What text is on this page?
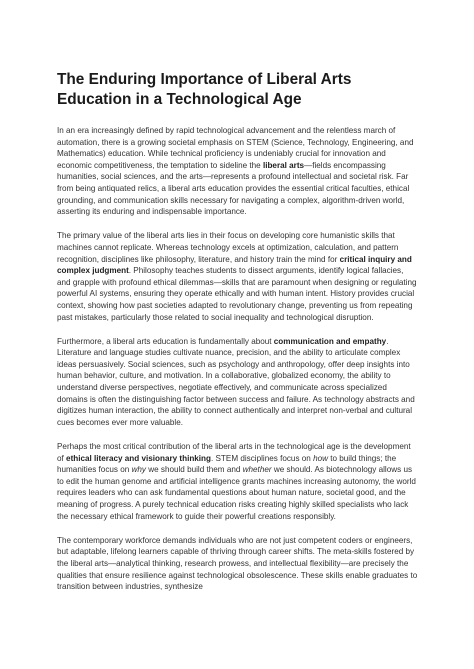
The Enduring Importance of Liberal Arts Education in a Technological Age

In an era increasingly defined by rapid technological advancement and the relentless march of automation, there is a growing societal emphasis on STEM (Science, Technology, Engineering, and Mathematics) education. While technical proficiency is undeniably crucial for innovation and economic competitiveness, the temptation to sideline the liberal arts—fields encompassing humanities, social sciences, and the arts—represents a profound intellectual and societal risk. Far from being antiquated relics, a liberal arts education provides the essential critical faculties, ethical grounding, and communication skills necessary for navigating a complex, algorithm-driven world, asserting its enduring and indispensable importance.

The primary value of the liberal arts lies in their focus on developing core humanistic skills that machines cannot replicate. Whereas technology excels at optimization, calculation, and pattern recognition, disciplines like philosophy, literature, and history train the mind for critical inquiry and complex judgment. Philosophy teaches students to dissect arguments, identify logical fallacies, and grapple with profound ethical dilemmas—skills that are paramount when designing or regulating powerful AI systems, ensuring they operate ethically and with human intent. History provides crucial context, showing how past societies adapted to revolutionary change, preventing us from repeating past mistakes, particularly those related to social inequality and technological disruption.

Furthermore, a liberal arts education is fundamentally about communication and empathy. Literature and language studies cultivate nuance, precision, and the ability to articulate complex ideas persuasively. Social sciences, such as psychology and anthropology, offer deep insights into human behavior, culture, and motivation. In a collaborative, globalized economy, the ability to understand diverse perspectives, negotiate effectively, and communicate across specialized domains is often the distinguishing factor between success and failure. As technology abstracts and digitizes human interaction, the ability to connect authentically and interpret non-verbal and cultural cues becomes ever more valuable.

Perhaps the most critical contribution of the liberal arts in the technological age is the development of ethical literacy and visionary thinking. STEM disciplines focus on how to build things; the humanities focus on why we should build them and whether we should. As biotechnology allows us to edit the human genome and artificial intelligence grants machines increasing autonomy, the world requires leaders who can ask fundamental questions about human nature, societal good, and the meaning of progress. A purely technical education risks creating highly skilled specialists who lack the necessary ethical framework to guide their powerful creations responsibly.

The contemporary workforce demands individuals who are not just competent coders or engineers, but adaptable, lifelong learners capable of thriving through career shifts. The meta-skills fostered by the liberal arts—analytical thinking, research prowess, and intellectual flexibility—are precisely the qualities that ensure resilience against technological obsolescence. These skills enable graduates to transition between industries, synthesize
